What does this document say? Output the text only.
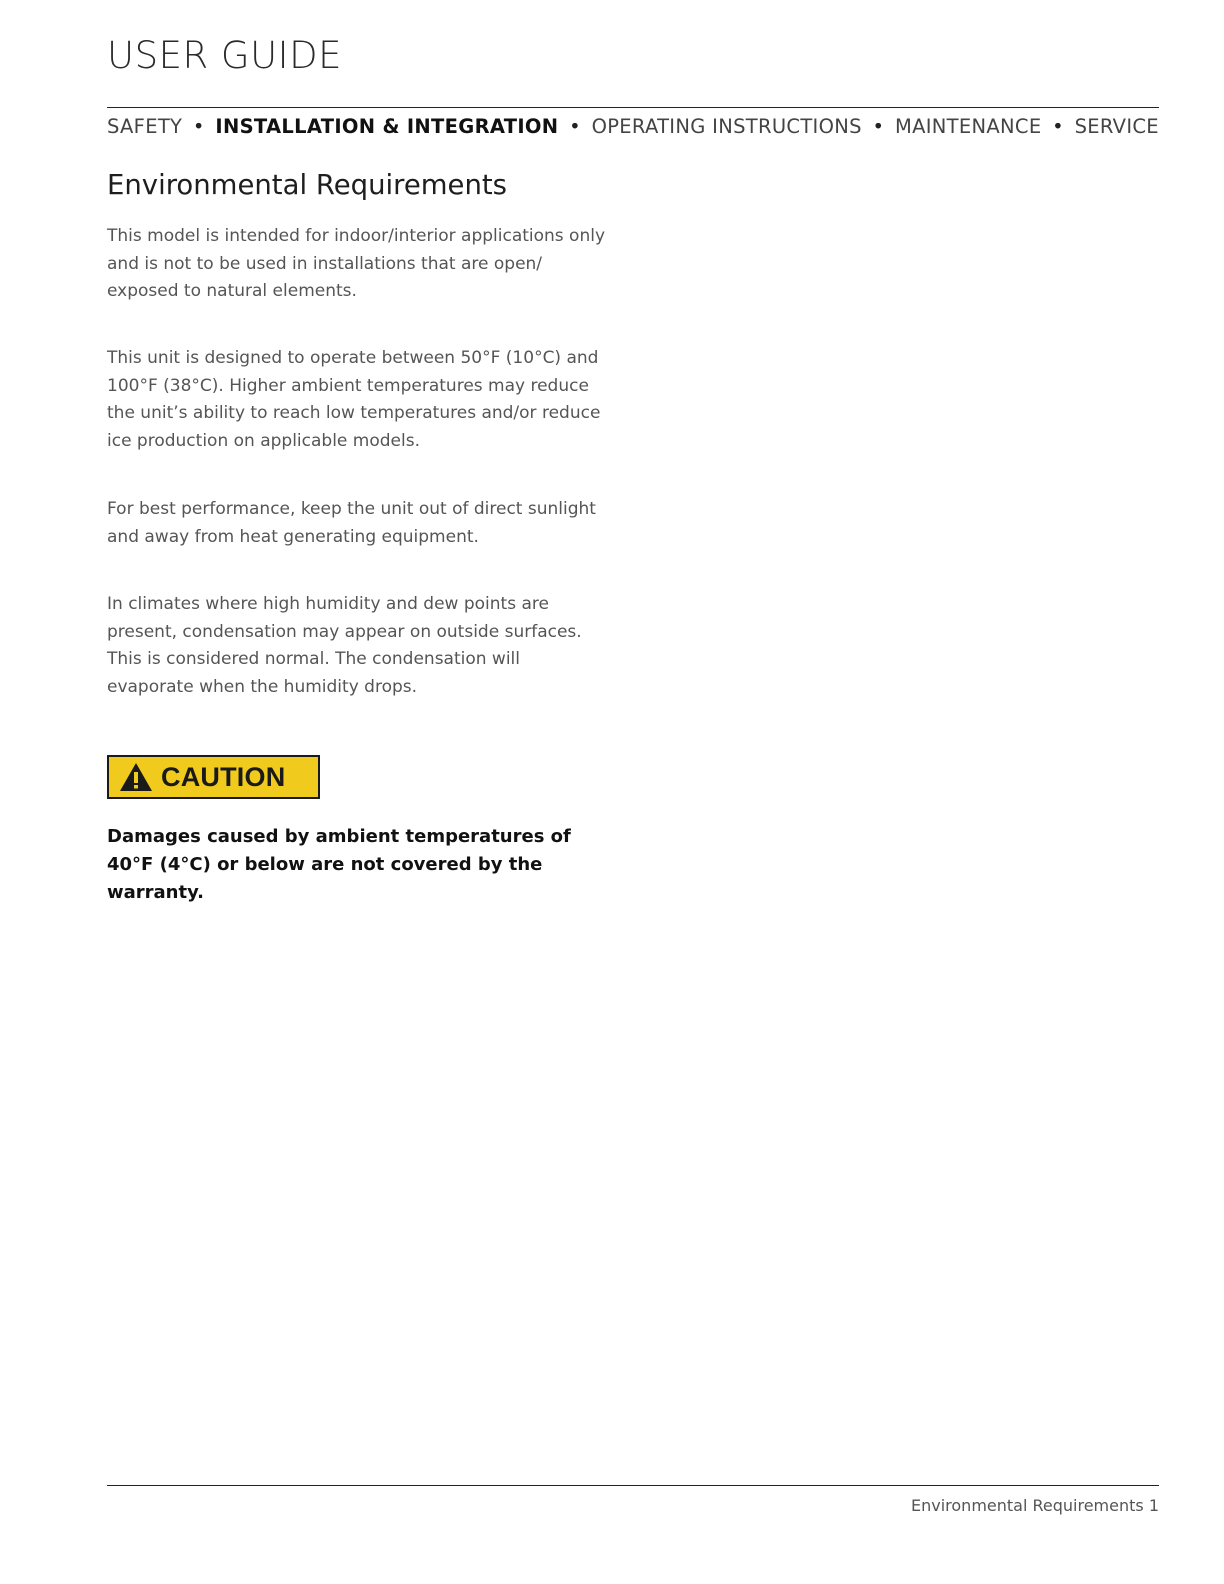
USER GUIDE
SAFETY • INSTALLATION & INTEGRATION • OPERATING INSTRUCTIONS • MAINTENANCE • SERVICE
Environmental Requirements

This model is intended for indoor/interior applications only and is not to be used in installations that are open/ exposed to natural elements.

This unit is designed to operate between 50°F (10°C) and 100°F (38°C). Higher ambient temperatures may reduce the unit’s ability to reach low temperatures and/or reduce ice production on applicable models.

For best performance, keep the unit out of direct sunlight and away from heat generating equipment.

In climates where high humidity and dew points are present, condensation may appear on outside surfaces. This is considered normal. The condensation will evaporate when the humidity drops.

CAUTION

Damages caused by ambient temperatures of 40°F (4°C) or below are not covered by the warranty.

Environmental Requirements 1
